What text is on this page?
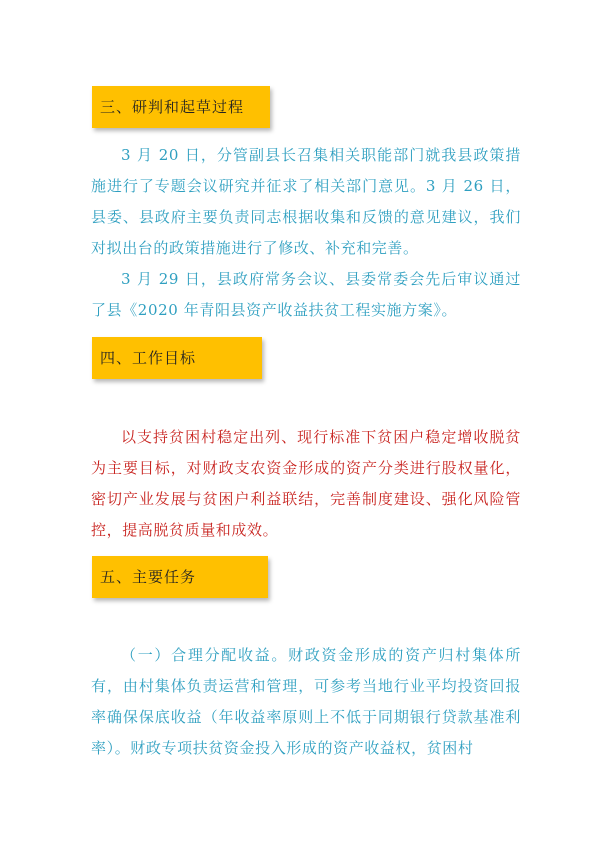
三、研判和起草过程

3 月 20 日，分管副县长召集相关职能部门就我县政策措施进行了专题会议研究并征求了相关部门意见。3 月 26 日，县委、县政府主要负责同志根据收集和反馈的意见建议，我们对拟出台的政策措施进行了修改、补充和完善。

3 月 29 日，县政府常务会议、县委常委会先后审议通过了县《2020 年青阳县资产收益扶贫工程实施方案》。

四、工作目标

以支持贫困村稳定出列、现行标准下贫困户稳定增收脱贫为主要目标，对财政支农资金形成的资产分类进行股权量化，密切产业发展与贫困户利益联结，完善制度建设、强化风险管控，提高脱贫质量和成效。

五、主要任务

（一）合理分配收益。财政资金形成的资产归村集体所有，由村集体负责运营和管理，可参考当地行业平均投资回报率确保保底收益（年收益率原则上不低于同期银行贷款基准利率）。财政专项扶贫资金投入形成的资产收益权，贫困村
